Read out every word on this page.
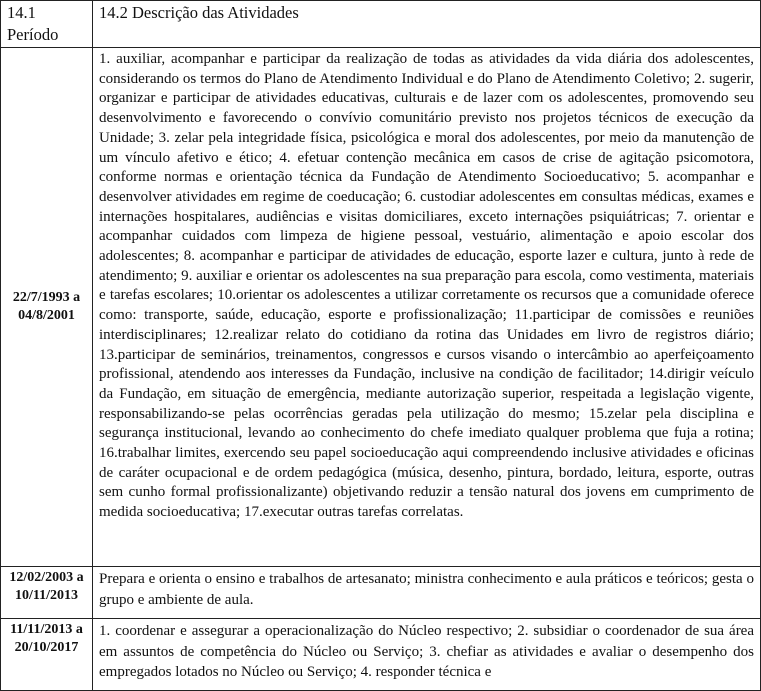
14.1 Período	14.2 Descrição das Atividades
22/7/1993 a
04/8/2001	1. auxiliar, acompanhar e participar da realização de todas as atividades da vida diária dos adolescentes, considerando os termos do Plano de Atendimento Individual e do Plano de Atendimento Coletivo; 2. sugerir, organizar e participar de atividades educativas, culturais e de lazer com os adolescentes, promovendo seu desenvolvimento e favorecendo o convívio comunitário previsto nos projetos técnicos de execução da Unidade; 3. zelar pela integridade física, psicológica e moral dos adolescentes, por meio da manutenção de um vínculo afetivo e ético; 4. efetuar contenção mecânica em casos de crise de agitação psicomotora, conforme normas e orientação técnica da Fundação de Atendimento Socioeducativo; 5. acompanhar e desenvolver atividades em regime de coeducação; 6. custodiar adolescentes em consultas médicas, exames e internações hospitalares, audiências e visitas domiciliares, exceto internações psiquiátricas; 7. orientar e acompanhar cuidados com limpeza de higiene pessoal, vestuário, alimentação e apoio escolar dos adolescentes; 8. acompanhar e participar de atividades de educação, esporte lazer e cultura, junto à rede de atendimento; 9. auxiliar e orientar os adolescentes na sua preparação para escola, como vestimenta, materiais e tarefas escolares; 10.orientar os adolescentes a utilizar corretamente os recursos que a comunidade oferece como: transporte, saúde, educação, esporte e profissionalização; 11.participar de comissões e reuniões interdisciplinares; 12.realizar relato do cotidiano da rotina das Unidades em livro de registros diário; 13.participar de seminários, treinamentos, congressos e cursos visando o intercâmbio ao aperfeiçoamento profissional, atendendo aos interesses da Fundação, inclusive na condição de facilitador; 14.dirigir veículo da Fundação, em situação de emergência, mediante autorização superior, respeitada a legislação vigente, responsabilizando-se pelas ocorrências geradas pela utilização do mesmo; 15.zelar pela disciplina e segurança institucional, levando ao conhecimento do chefe imediato qualquer problema que fuja a rotina; 16.trabalhar limites, exercendo seu papel socioeducação aqui compreendendo inclusive atividades e oficinas de caráter ocupacional e de ordem pedagógica (música, desenho, pintura, bordado, leitura, esporte, outras sem cunho formal profissionalizante) objetivando reduzir a tensão natural dos jovens em cumprimento de medida socioeducativa; 17.executar outras tarefas correlatas.
12/02/2003 a
10/11/2013	Prepara e orienta o ensino e trabalhos de artesanato; ministra conhecimento e aula práticos e teóricos; gesta o grupo e ambiente de aula.
11/11/2013 a
20/10/2017	1. coordenar e assegurar a operacionalização do Núcleo respectivo; 2. subsidiar o coordenador de sua área em assuntos de competência do Núcleo ou Serviço; 3. chefiar as atividades e avaliar o desempenho dos empregados lotados no Núcleo ou Serviço; 4. responder técnica e
